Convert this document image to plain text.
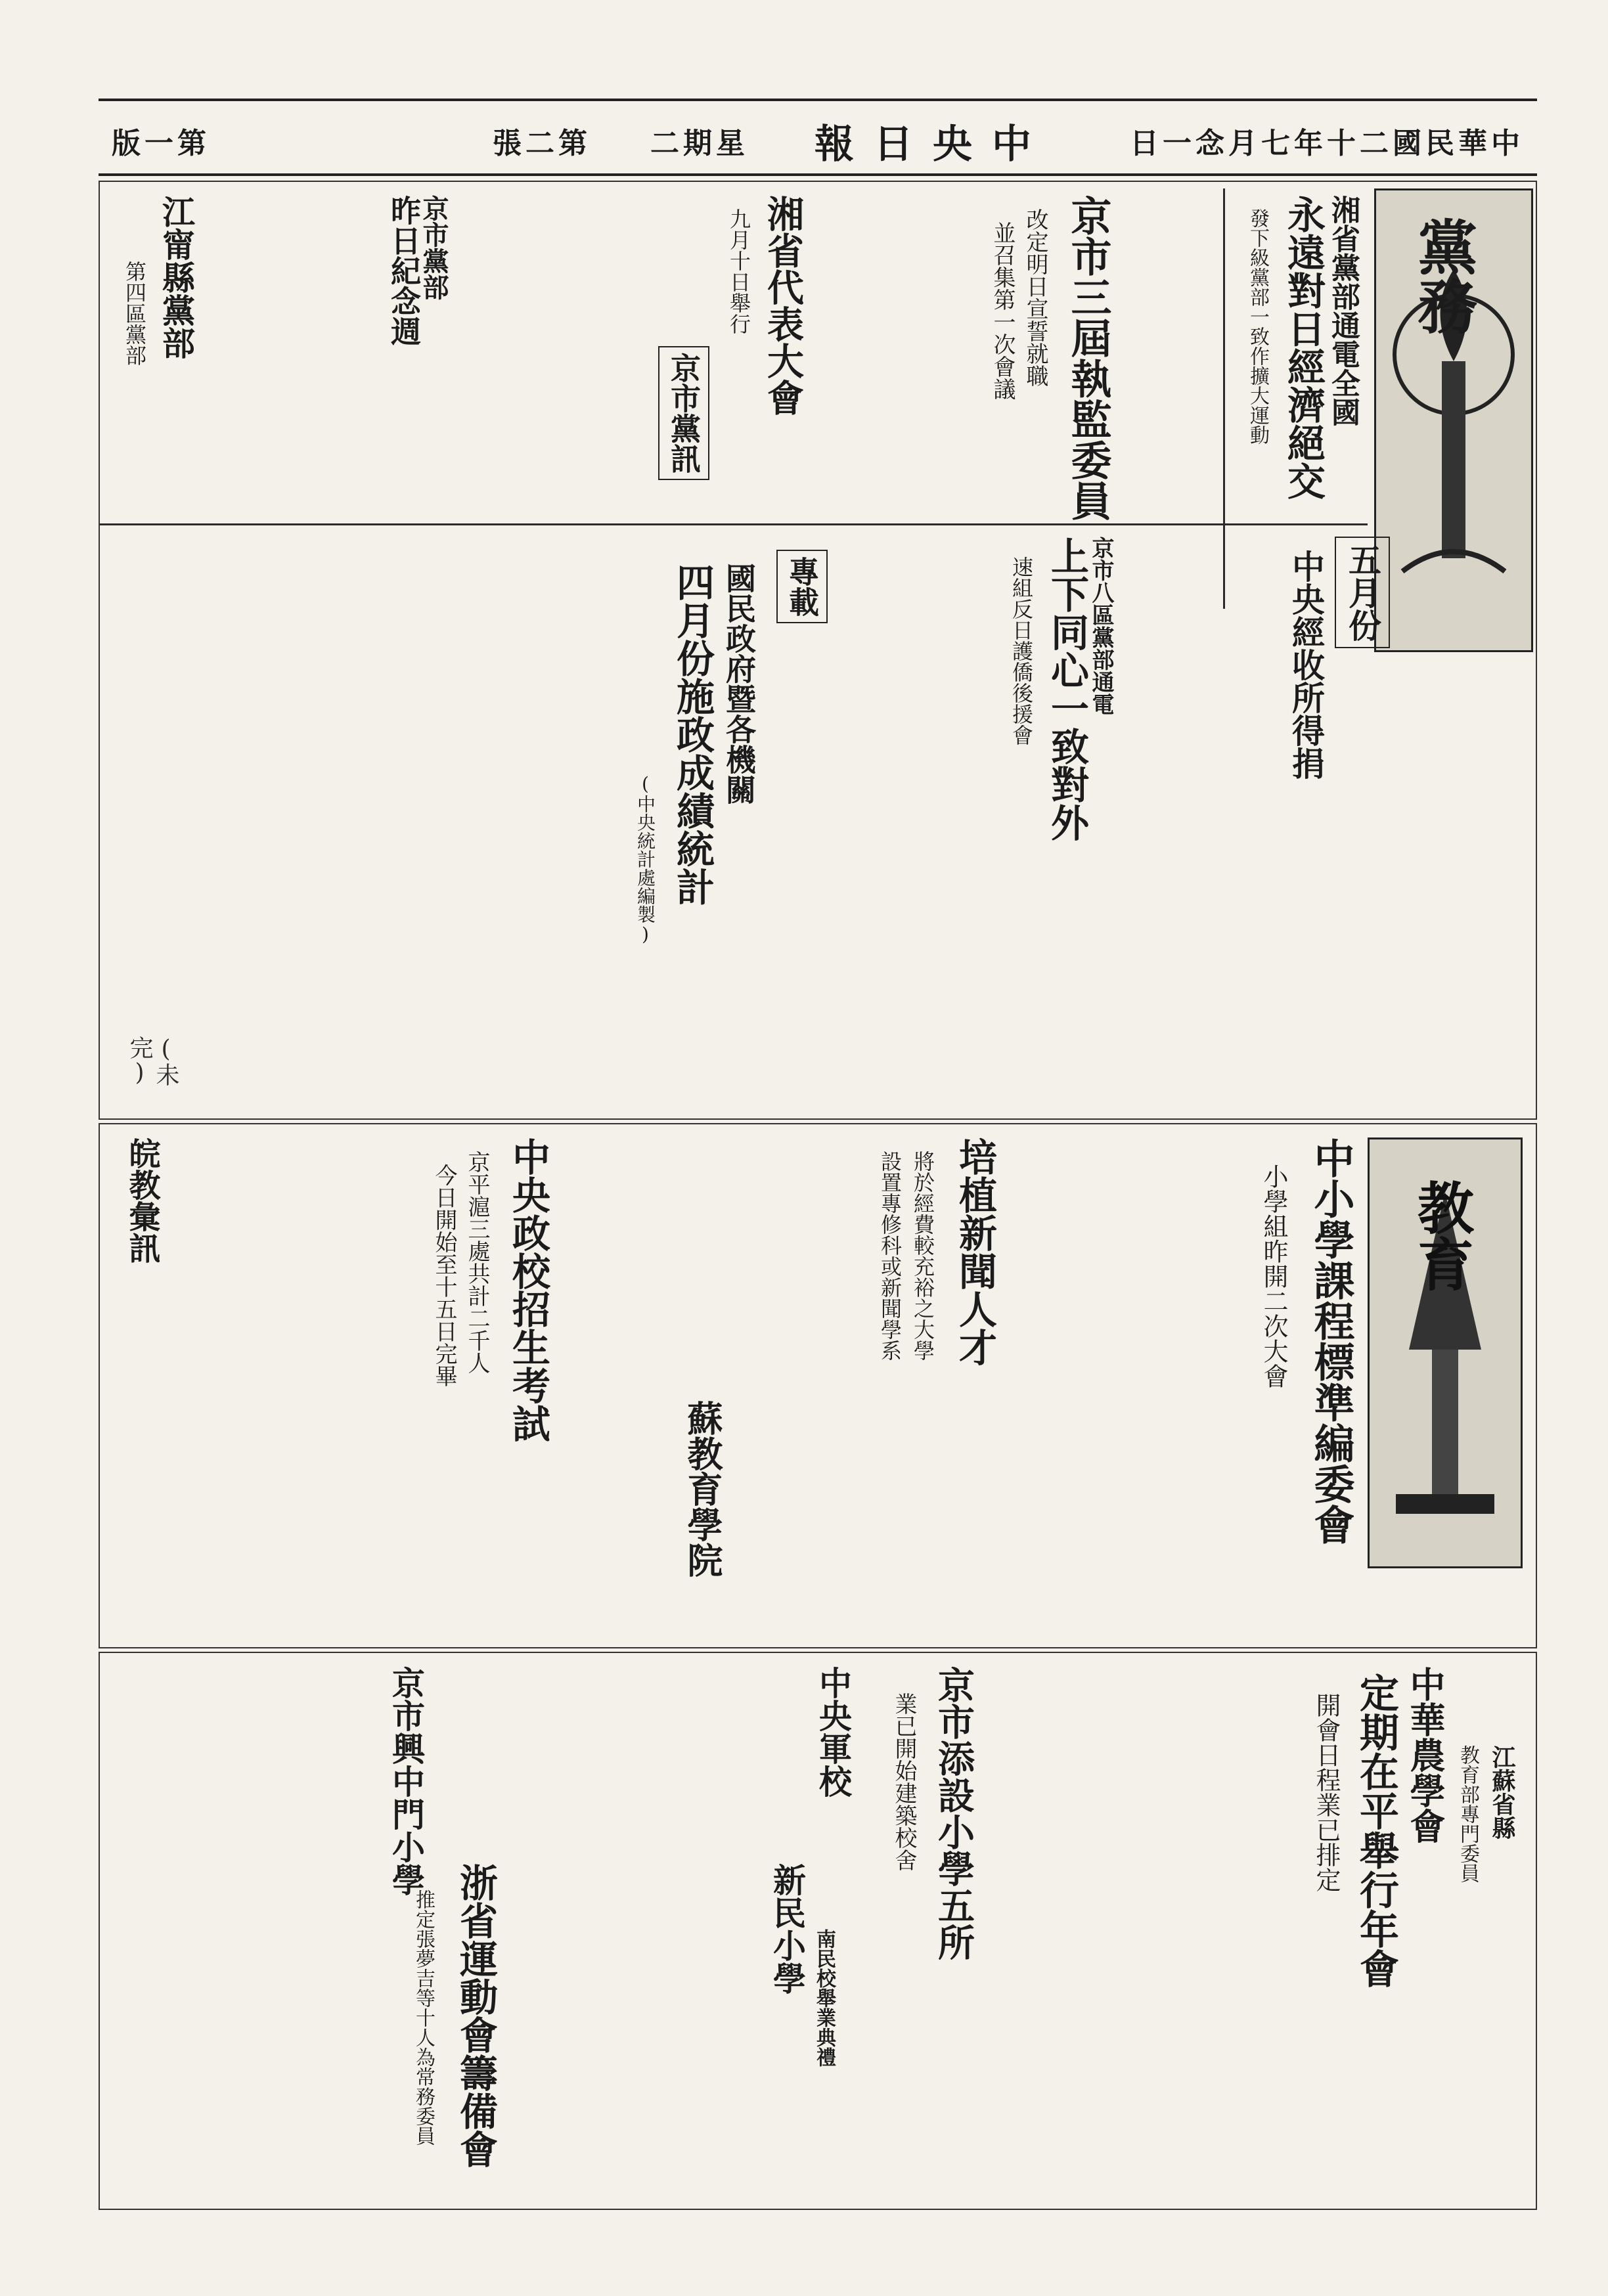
版一第	張二第 二期星 報日央中	日一念月七年十二國民華中
黨務
湘省黨部通電全國
永遠對日經濟絕交
發下級黨部一致作擴大運動
京市三屆執監委員
改定明日宣誓就職
並召集第一次會議
湘省代表大會
九月十日舉行
京市黨訊
昨日紀念週
京市黨部
江甯縣黨部
第四區黨部
京市八區黨部通電
上下同心一致對外
速組反日護僑後援會
專載
國民政府暨各機關
四月份施政成績統計
(中央統計處編製)
五月份
中央經收所得捐
(未完)
教育
中小學課程標準編委會
小學組昨開二次大會
培植新聞人才
將於經費較充裕之大學
設置專修科或新聞學系
中央政校招生考試
京平滬三處共計二千人
今日開始至十五日完畢
皖教彙訊
蘇教育學院
中華農學會
定期在平舉行年會
開會日程業已排定	江蘇省縣
教育部專門委員
京市添設小學五所
業已開始建築校舍
中央軍校
新民小學 南民校舉業典禮
京市興中門小學
浙省運動會籌備會
推定張夢吉等十人為常務委員
